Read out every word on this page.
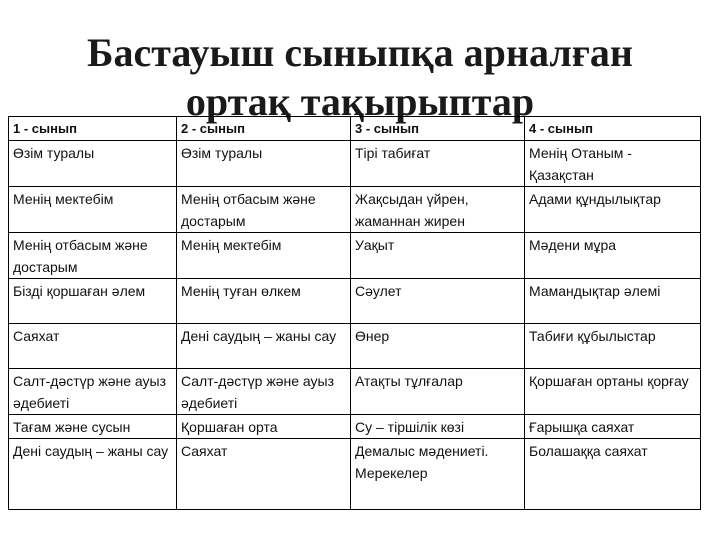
Бастауыш сыныпқа арналған
ортақ тақырыптар
1 - сынып	2 - сынып	3 - сынып	4 - сынып
Өзім туралы	Өзім туралы	Тірі табиғат	Менің Отаным - Қазақстан
Менің мектебім	Менің отбасым және достарым	Жақсыдан үйрен, жаманнан жирен	Адами құндылықтар
Менің отбасым және достарым	Менің мектебім	Уақыт	Мәдени мұра
Бізді қоршаған әлем	Менің туған өлкем	Сәулет	Мамандықтар әлемі
Саяхат	Дені саудың – жаны сау	Өнер	Табиғи құбылыстар
Салт-дәстүр және ауыз әдебиеті	Салт-дәстүр және ауыз әдебиеті	Атақты тұлғалар	Қоршаған ортаны қорғау
Тағам және сусын	Қоршаған орта	Су – тіршілік көзі	Ғарышқа саяхат
Дені саудың – жаны сау	Саяхат	Демалыс мәдениеті. Мерекелер	Болашаққа саяхат
